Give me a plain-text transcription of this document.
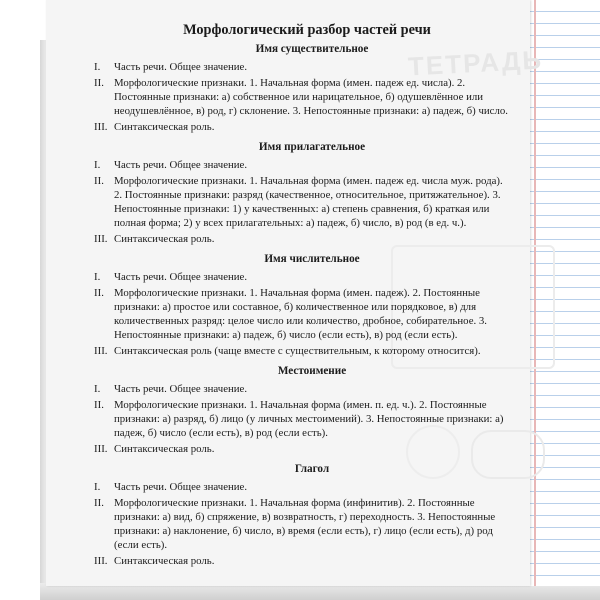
ТЕТРАДЬ
Морфологический разбор частей речи
Имя существительное
I.	Часть речи. Общее значение.
II. Морфологические признаки. 1. Начальная форма (имен. падеж ед. числа). 2. Постоянные признаки: а) собственное или нарицательное, б) одушевлённое или неодушевлённое, в) род, г) склонение. 3. Непостоянные признаки: а) падеж, б) число.
III. Синтаксическая роль.
Имя прилагательное
I.	Часть речи. Общее значение.
II. Морфологические признаки. 1. Начальная форма (имен. падеж ед. числа муж. рода). 2. Постоянные признаки: разряд (качественное, относительное, притяжательное). 3. Непостоянные признаки: 1) у качественных: а) степень сравнения, б) краткая или полная форма; 2) у всех прилагательных: а) падеж, б) число, в) род (в ед. ч.).
III. Синтаксическая роль.
Имя числительное
I.	Часть речи. Общее значение.
II. Морфологические признаки. 1. Начальная форма (имен. падеж). 2. Постоянные признаки: а) простое или составное, б) количественное или порядковое, в) для количественных разряд: целое число или количество, дробное, собирательное. 3. Непостоянные признаки: а) падеж, б) число (если есть), в) род (если есть).
III. Синтаксическая роль (чаще вместе с существительным, к которому относится).
Местоимение
I.	Часть речи. Общее значение.
II. Морфологические признаки. 1. Начальная форма (имен. п. ед. ч.). 2. Постоянные признаки: а) разряд, б) лицо (у личных местоимений). 3. Непостоянные признаки: а) падеж, б) число (если есть), в) род (если есть).
III. Синтаксическая роль.
Глагол
I.	Часть речи. Общее значение.
II. Морфологические признаки. 1. Начальная форма (инфинитив). 2. Постоянные признаки: а) вид, б) спряжение, в) возвратность, г) переходность. 3. Непостоянные признаки: а) наклонение, б) число, в) время (если есть), г) лицо (если есть), д) род (если есть).
III. Синтаксическая роль.
